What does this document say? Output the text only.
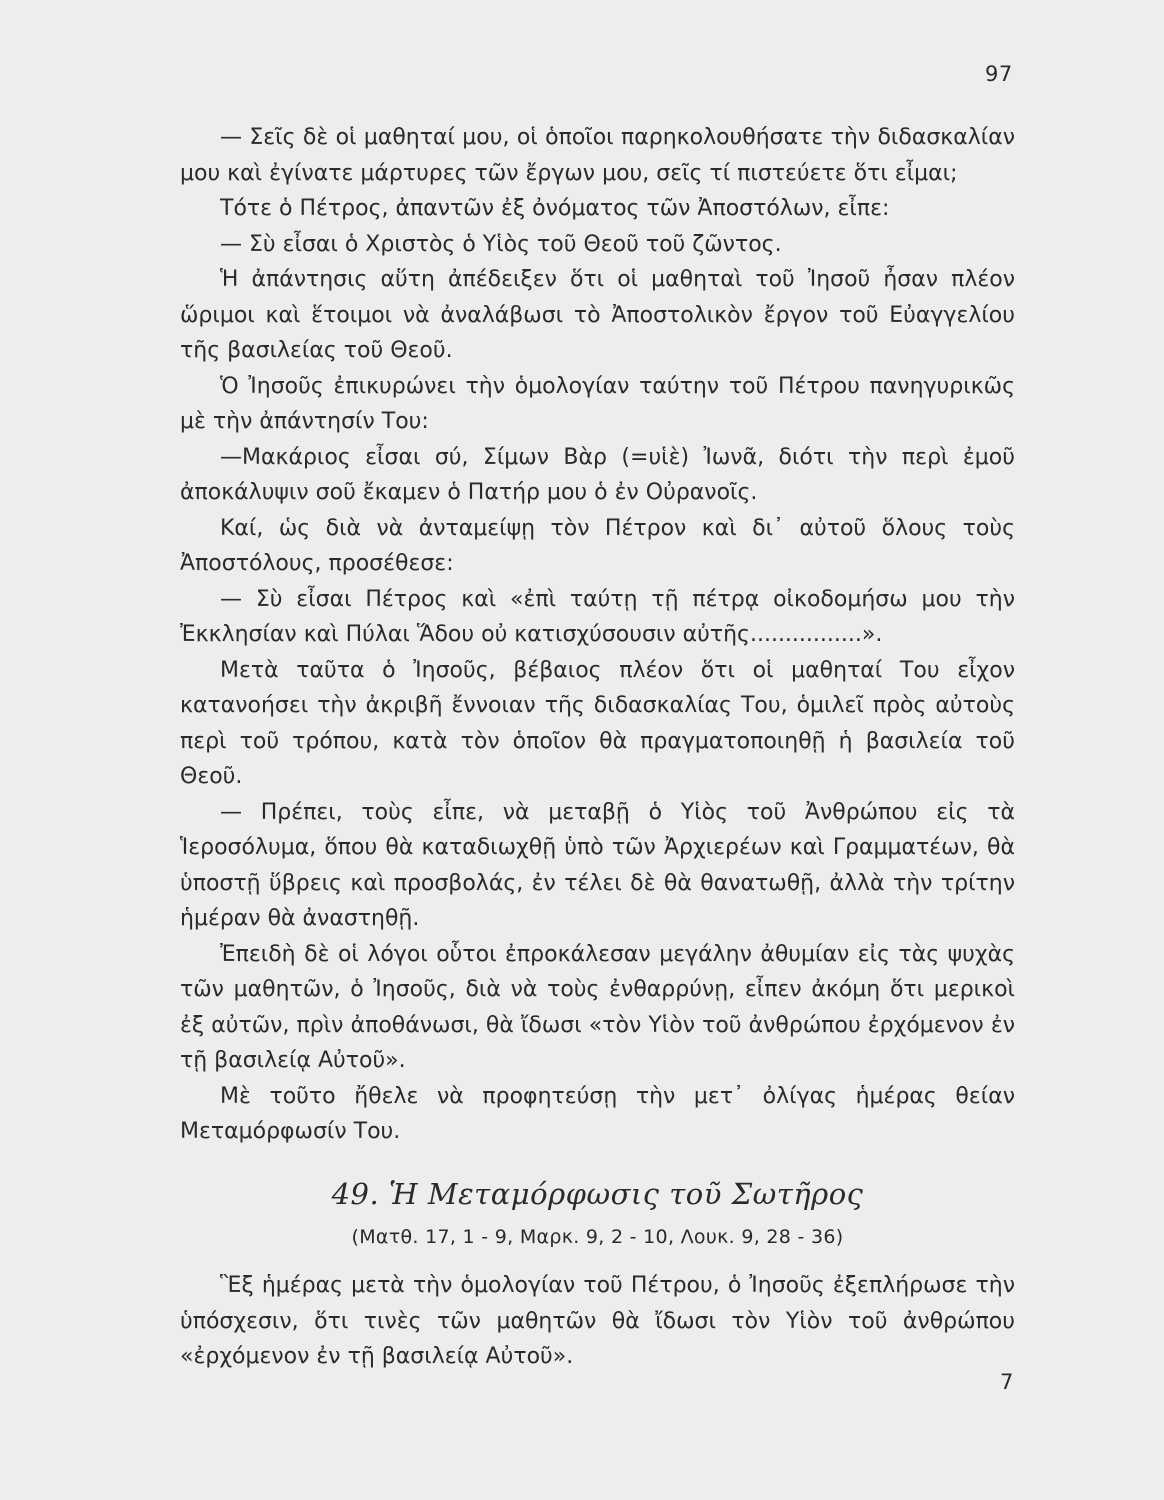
97

— Σεῖς δὲ οἱ μαθηταί μου, οἱ ὁποῖοι παρηκολουθήσατε τὴν διδασκαλίαν μου καὶ ἐγίνατε μάρτυρες τῶν ἔργων μου, σεῖς τί πιστεύετε ὅτι εἶμαι;

Τότε ὁ Πέτρος, ἀπαντῶν ἐξ ὀνόματος τῶν Ἀποστόλων, εἶπε:

— Σὺ εἶσαι ὁ Χριστὸς ὁ Υἱὸς τοῦ Θεοῦ τοῦ ζῶντος.

Ἡ ἀπάντησις αὕτη ἀπέδειξεν ὅτι οἱ μαθηταὶ τοῦ Ἰησοῦ ἦσαν πλέον ὥριμοι καὶ ἕτοιμοι νὰ ἀναλάβωσι τὸ Ἀποστολικὸν ἔργον τοῦ Εὐαγγελίου τῆς βασιλείας τοῦ Θεοῦ.

Ὁ Ἰησοῦς ἐπικυρώνει τὴν ὁμολογίαν ταύτην τοῦ Πέτρου πανηγυρικῶς μὲ τὴν ἀπάντησίν Του:

—Μακάριος εἶσαι σύ, Σίμων Βὰρ (=υἱὲ) Ἰωνᾶ, διότι τὴν περὶ ἐμοῦ ἀποκάλυψιν σοῦ ἔκαμεν ὁ Πατήρ μου ὁ ἐν Οὐρανοῖς.

Καί, ὡς διὰ νὰ ἀνταμείψῃ τὸν Πέτρον καὶ δι᾿ αὐτοῦ ὅλους τοὺς Ἀποστόλους, προσέθεσε:

— Σὺ εἶσαι Πέτρος καὶ «ἐπὶ ταύτῃ τῇ πέτρᾳ οἰκοδομήσω μου τὴν Ἐκκλησίαν καὶ Πύλαι Ἅδου οὐ κατισχύσουσιν αὐτῆς................».

Μετὰ ταῦτα ὁ Ἰησοῦς, βέβαιος πλέον ὅτι οἱ μαθηταί Του εἶχον κατανοήσει τὴν ἀκριβῆ ἔννοιαν τῆς διδασκαλίας Του, ὁμιλεῖ πρὸς αὐτοὺς περὶ τοῦ τρόπου, κατὰ τὸν ὁποῖον θὰ πραγματοποιηθῇ ἡ βασιλεία τοῦ Θεοῦ.

— Πρέπει, τοὺς εἶπε, νὰ μεταβῇ ὁ Υἱὸς τοῦ Ἀνθρώπου εἰς τὰ Ἱεροσόλυμα, ὅπου θὰ καταδιωχθῇ ὑπὸ τῶν Ἀρχιερέων καὶ Γραμματέων, θὰ ὑποστῇ ὕβρεις καὶ προσβολάς, ἐν τέλει δὲ θὰ θανατωθῇ, ἀλλὰ τὴν τρίτην ἡμέραν θὰ ἀναστηθῇ.

Ἐπειδὴ δὲ οἱ λόγοι οὗτοι ἐπροκάλεσαν μεγάλην ἀθυμίαν εἰς τὰς ψυχὰς τῶν μαθητῶν, ὁ Ἰησοῦς, διὰ νὰ τοὺς ἐνθαρρύνῃ, εἶπεν ἀκόμη ὅτι μερικοὶ ἐξ αὐτῶν, πρὶν ἀποθάνωσι, θὰ ἴδωσι «τὸν Υἱὸν τοῦ ἀνθρώπου ἐρχόμενον ἐν τῇ βασιλείᾳ Αὐτοῦ».

Μὲ τοῦτο ἤθελε νὰ προφητεύσῃ τὴν μετ᾿ ὀλίγας ἡμέρας θείαν Μεταμόρφωσίν Του.

49. Ἡ Μεταμόρφωσις τοῦ Σωτῆρος
(Ματθ. 17, 1 - 9, Μαρκ. 9, 2 - 10, Λουκ. 9, 28 - 36)

Ἓξ ἡμέρας μετὰ τὴν ὁμολογίαν τοῦ Πέτρου, ὁ Ἰησοῦς ἐξεπλήρωσε τὴν ὑπόσχεσιν, ὅτι τινὲς τῶν μαθητῶν θὰ ἴδωσι τὸν Υἱὸν τοῦ ἀνθρώπου «ἐρχόμενον ἐν τῇ βασιλείᾳ Αὐτοῦ».

7
